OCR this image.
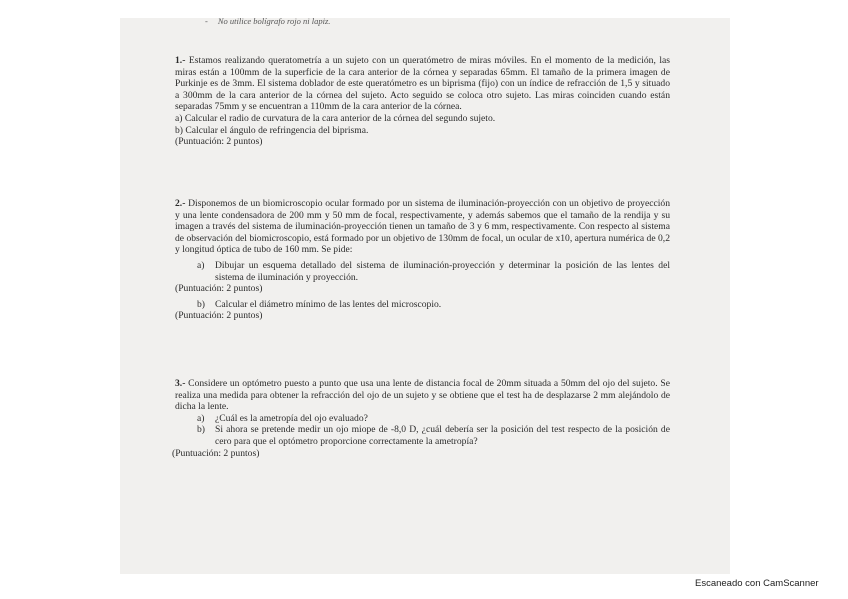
- No utilice bolígrafo rojo ni lapiz.

1.- Estamos realizando queratometría a un sujeto con un queratómetro de miras móviles. En el momento de la medición, las miras están a 100mm de la superficie de la cara anterior de la córnea y separadas 65mm. El tamaño de la primera imagen de Purkinje es de 3mm. El sistema doblador de este queratómetro es un biprisma (fijo) con un índice de refracción de 1,5 y situado a 300mm de la cara anterior de la córnea del sujeto. Acto seguido se coloca otro sujeto. Las miras coinciden cuando están separadas 75mm y se encuentran a 110mm de la cara anterior de la córnea.

a) Calcular el radio de curvatura de la cara anterior de la córnea del segundo sujeto.

b) Calcular el ángulo de refringencia del biprisma.

(Puntuación: 2 puntos)

2.- Disponemos de un biomicroscopio ocular formado por un sistema de iluminación-proyección con un objetivo de proyección y una lente condensadora de 200 mm y 50 mm de focal, respectivamente, y además sabemos que el tamaño de la rendija y su imagen a través del sistema de iluminación-proyección tienen un tamaño de 3 y 6 mm, respectivamente. Con respecto al sistema de observación del biomicroscopio, está formado por un objetivo de 130mm de focal, un ocular de x10, apertura numérica de 0,2 y longitud óptica de tubo de 160 mm. Se pide:

a)	Dibujar un esquema detallado del sistema de iluminación-proyección y determinar la posición de las lentes del sistema de iluminación y proyección.

(Puntuación: 2 puntos)

b)	Calcular el diámetro mínimo de las lentes del microscopio.

(Puntuación: 2 puntos)

3.- Considere un optómetro puesto a punto que usa una lente de distancia focal de 20mm situada a 50mm del ojo del sujeto. Se realiza una medida para obtener la refracción del ojo de un sujeto y se obtiene que el test ha de desplazarse 2 mm alejándolo de dicha la lente.

a)	¿Cuál es la ametropía del ojo evaluado?
b)	Si ahora se pretende medir un ojo miope de -8,0 D, ¿cuál debería ser la posición del test respecto de la posición de cero para que el optómetro proporcione correctamente la ametropía?

(Puntuación: 2 puntos)

Escaneado con CamScanner
